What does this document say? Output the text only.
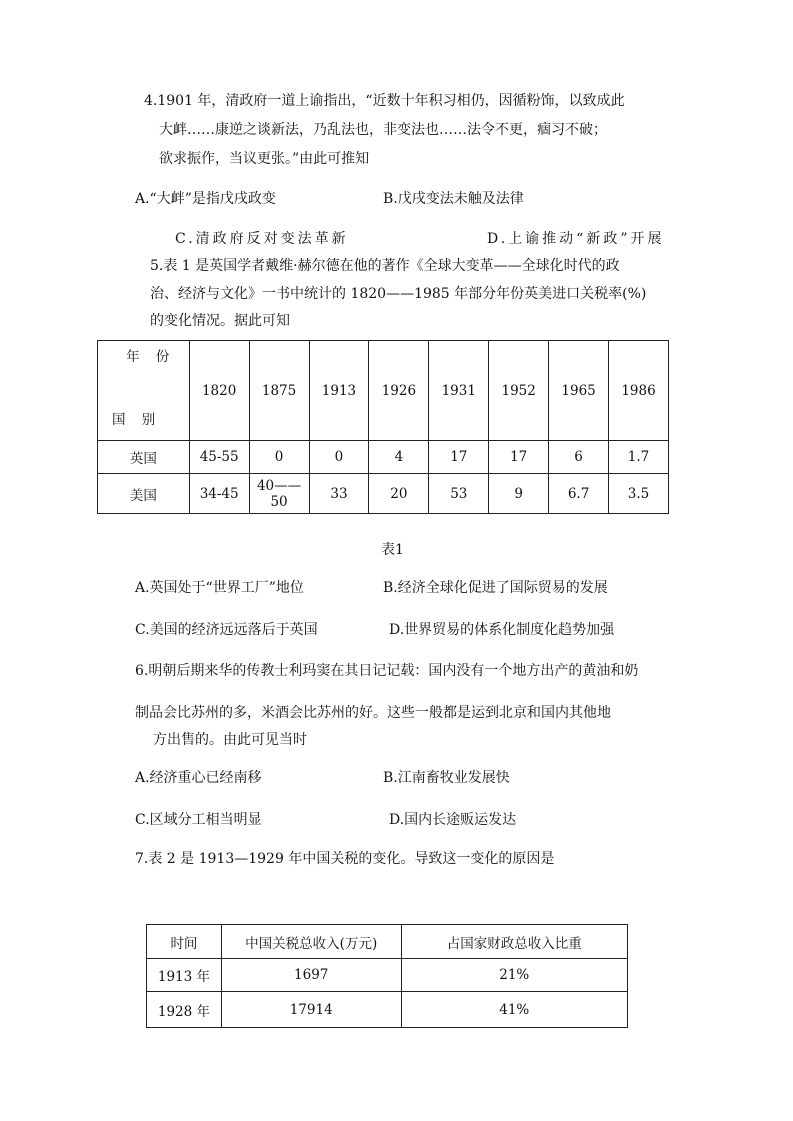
4.1901 年，清政府一道上谕指出，“近数十年积习相仍，因循粉饰，以致成此
大衅……康逆之谈新法，乃乱法也，非变法也……法令不更，痼习不破；
欲求振作，当议更张。”由此可推知
A.“大衅”是指戊戌政变	B.戊戌变法未触及法律
C.清政府反对变法革新	D.上谕推动“新政”开展
5.表 1 是英国学者戴维·赫尔德在他的著作《全球大变革——全球化时代的政
治、经济与文化》一书中统计的 1820——1985 年部分年份英美进口关税率(%)
的变化情况。据此可知
年 份
国 别	1820	1875	1913	1926	1931	1952	1965	1986
英国	45-55	0	0	4	17	17	6	1.7
美国	34-45	40——50	33	20	53	9	6.7	3.5
表1
A.英国处于“世界工厂”地位	B.经济全球化促进了国际贸易的发展
C.美国的经济远远落后于英国	D.世界贸易的体系化制度化趋势加强
6.明朝后期来华的传教士利玛窦在其日记记载：国内没有一个地方出产的黄油和奶
制品会比苏州的多，米酒会比苏州的好。这些一般都是运到北京和国内其他地
方出售的。由此可见当时
A.经济重心已经南移	B.江南畜牧业发展快
C.区域分工相当明显	D.国内长途贩运发达
7.表 2 是 1913—1929 年中国关税的变化。导致这一变化的原因是
时间	中国关税总收入(万元)	占国家财政总收入比重
1913 年	1697	21%
1928 年	17914	41%
